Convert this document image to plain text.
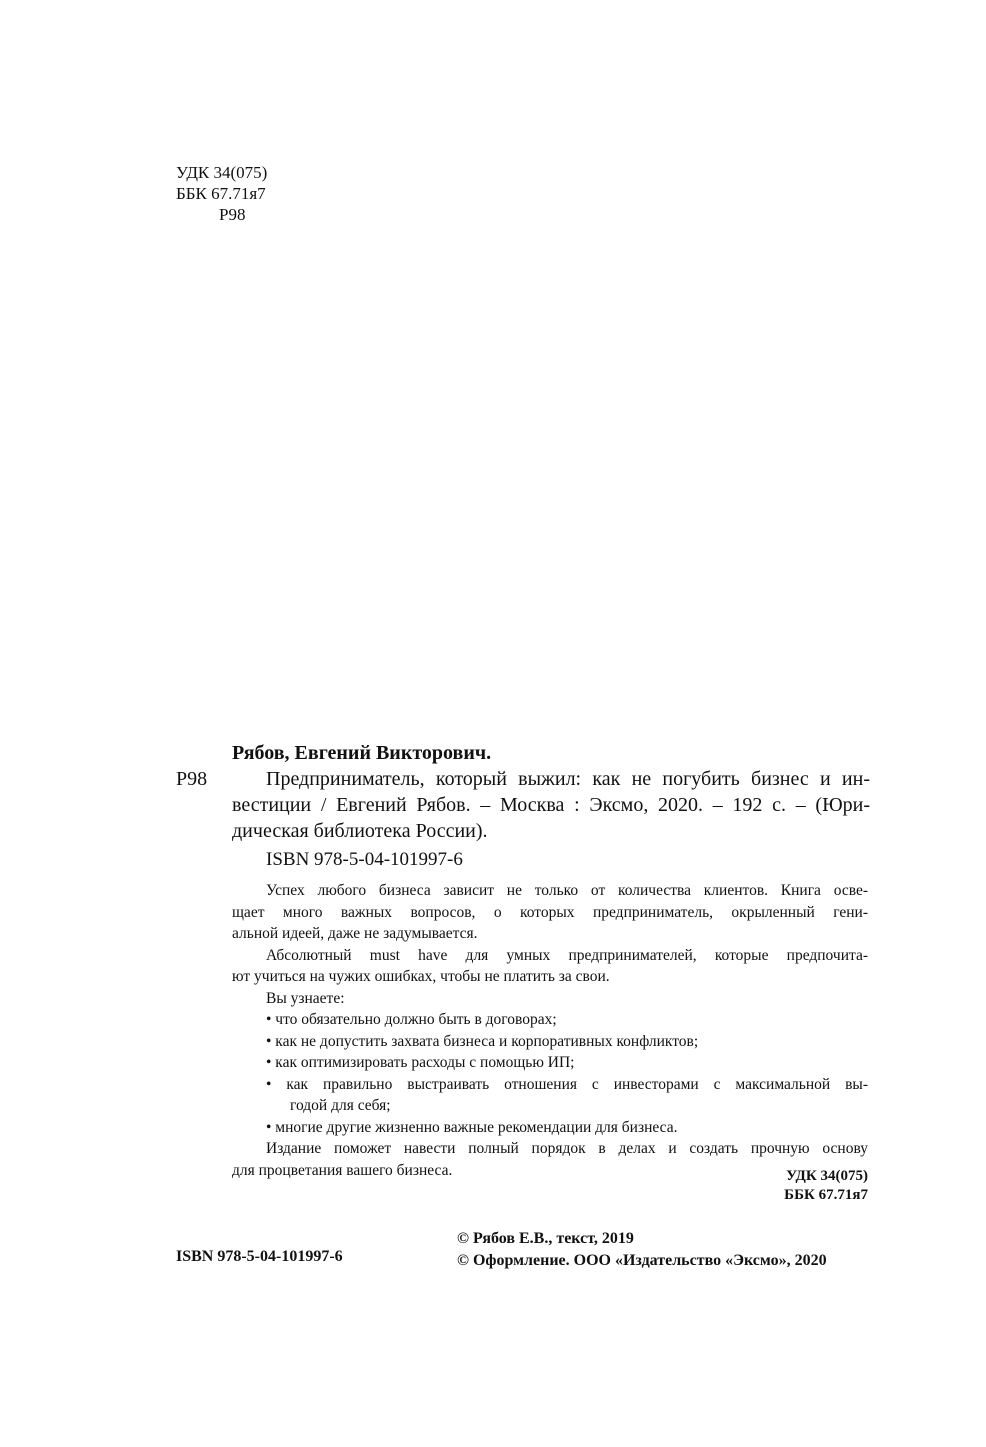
УДК 34(075)
ББК 67.71я7
Р98
Рябов, Евгений Викторович.
Р98	Предприниматель, который выжил: как не погубить бизнес и ин-
вестиции / Евгений Рябов. – Москва : Эксмо, 2020. – 192 с. – (Юри-
дическая библиотека России).
ISBN 978-5-04-101997-6
Успех любого бизнеса зависит не только от количества клиентов. Книга осве-
щает много важных вопросов, о которых предприниматель, окрыленный гени-
альной идеей, даже не задумывается.
Абсолютный must have для умных предпринимателей, которые предпочита-
ют учиться на чужих ошибках, чтобы не платить за свои.
Вы узнаете:
• что обязательно должно быть в договорах;
• как не допустить захвата бизнеса и корпоративных конфликтов;
• как оптимизировать расходы с помощью ИП;
• как правильно выстраивать отношения с инвесторами с максимальной вы-
годой для себя;
• многие другие жизненно важные рекомендации для бизнеса.
Издание поможет навести полный порядок в делах и создать прочную основу
для процветания вашего бизнеса.	УДК 34(075)
ББК 67.71я7
ISBN 978-5-04-101997-6
© Рябов Е.В., текст, 2019
© Оформление. ООО «Издательство «Эксмо», 2020
